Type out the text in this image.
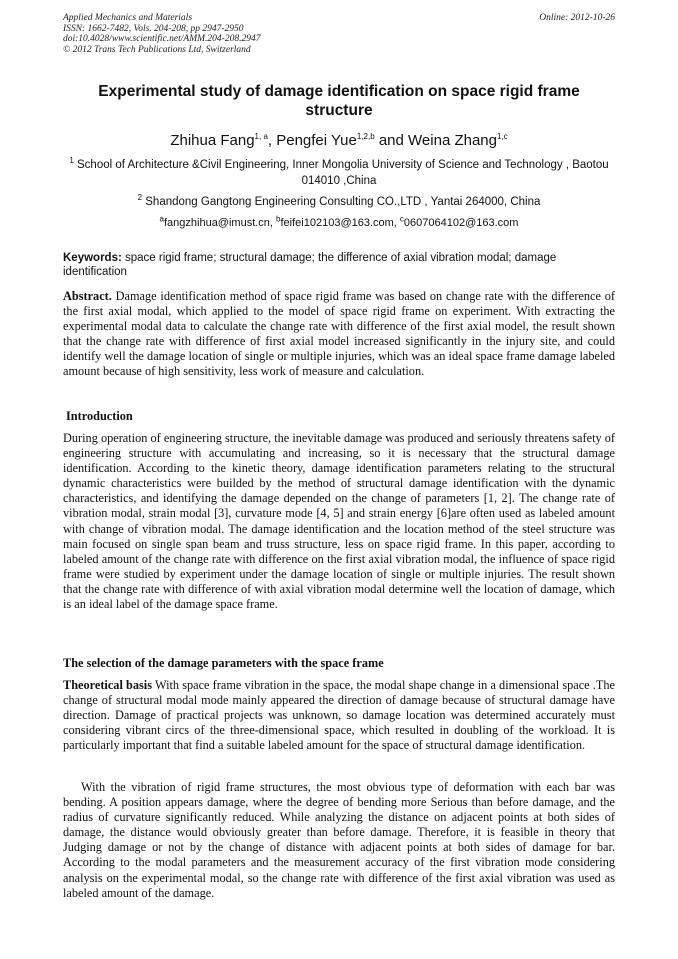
Applied Mechanics and Materials
ISSN: 1662-7482, Vols. 204-208, pp 2947-2950
doi:10.4028/www.scientific.net/AMM.204-208.2947
© 2012 Trans Tech Publications Ltd, Switzerland
Online: 2012-10-26
Experimental study of damage identification on space rigid frame structure
Zhihua Fang$^{1, a}$, Pengfei Yue$^{1,2,b}$ and Weina Zhang$^{1,c}$
$^1$ School of Architecture &Civil Engineering, Inner Mongolia University of Science and Technology , Baotou 014010 ,China
$^2$ Shandong Gangtong Engineering Consulting CO.,LTD , Yantai 264000, China
$^a$fangzhihua@imust.cn, $^b$feifei102103@163.com, $^c$0607064102@163.com
Keywords: space rigid frame; structural damage; the difference of axial vibration modal; damage identification
Abstract. Damage identification method of space rigid frame was based on change rate with the difference of the first axial modal, which applied to the model of space rigid frame on experiment. With extracting the experimental modal data to calculate the change rate with difference of the first axial model, the result shown that the change rate with difference of first axial model increased significantly in the injury site, and could identify well the damage location of single or multiple injuries, which was an ideal space frame damage labeled amount because of high sensitivity, less work of measure and calculation.
Introduction
During operation of engineering structure, the inevitable damage was produced and seriously threatens safety of engineering structure with accumulating and increasing, so it is necessary that the structural damage identification. According to the kinetic theory, damage identification parameters relating to the structural dynamic characteristics were builded by the method of structural damage identification with the dynamic characteristics, and identifying the damage depended on the change of parameters [1, 2]. The change rate of vibration modal, strain modal [3], curvature mode [4, 5] and strain energy [6]are often used as labeled amount with change of vibration modal. The damage identification and the location method of the steel structure was main focused on single span beam and truss structure, less on space rigid frame. In this paper, according to labeled amount of the change rate with difference on the first axial vibration modal, the influence of space rigid frame were studied by experiment under the damage location of single or multiple injuries. The result shown that the change rate with difference of with axial vibration modal determine well the location of damage, which is an ideal label of the damage space frame.
The selection of the damage parameters with the space frame
Theoretical basis With space frame vibration in the space, the modal shape change in a dimensional space .The change of structural modal mode mainly appeared the direction of damage because of structural damage have direction. Damage of practical projects was unknown, so damage location was determined accurately must considering vibrant circs of the three-dimensional space, which resulted in doubling of the workload. It is particularly important that find a suitable labeled amount for the space of structural damage identification.
With the vibration of rigid frame structures, the most obvious type of deformation with each bar was bending. A position appears damage, where the degree of bending more Serious than before damage, and the radius of curvature significantly reduced. While analyzing the distance on adjacent points at both sides of damage, the distance would obviously greater than before damage. Therefore, it is feasible in theory that Judging damage or not by the change of distance with adjacent points at both sides of damage for bar. According to the modal parameters and the measurement accuracy of the first vibration mode considering analysis on the experimental modal, so the change rate with difference of the first axial vibration was used as labeled amount of the damage.
